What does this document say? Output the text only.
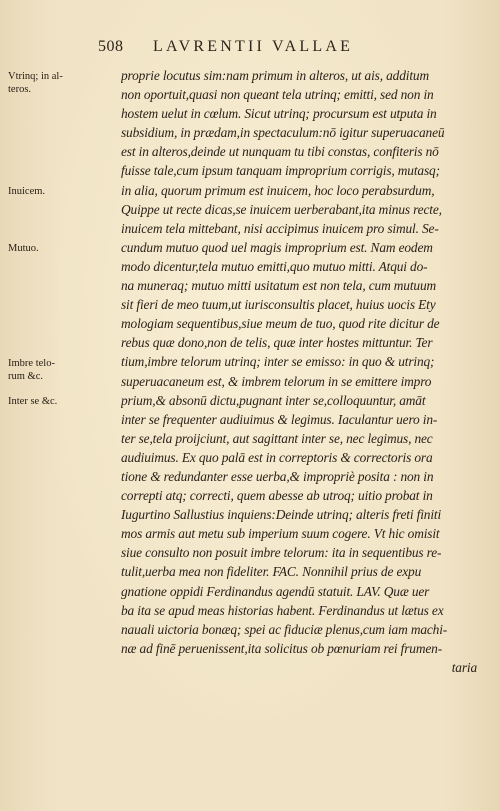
508 LAVRENTII VALLAE
Vtrinq; in al-
teros.
Inuicem.
Mutuo.
Imbre telo-
rum &c.
Inter se &c.
proprie locutus sim:nam primum in alteros, ut ais, additum
non oportuit,quasi non queant tela utrinq; emitti, sed non in
hostem uelut in cœlum. Sicut utrinq; procursum est utputa in
subsidium, in prædam,in spectaculum:nō igitur superuacaneū
est in alteros,deinde ut nunquam tu tibi constas, confiteris nō
fuisse tale,cum ipsum tanquam improprium corrigis, mutasq;
in alia, quorum primum est inuicem, hoc loco perabsurdum,
Quippe ut recte dicas,se inuicem uerberabant,ita minus recte,
inuicem tela mittebant, nisi accipimus inuicem pro simul. Se-
cundum mutuo quod uel magis improprium est. Nam eodem
modo dicentur,tela mutuo emitti,quo mutuo mitti. Atqui do-
na muneraq; mutuo mitti usitatum est non tela, cum mutuum
sit fieri de meo tuum,ut iurisconsultis placet, huius uocis Ety
mologiam sequentibus,siue meum de tuo, quod rite dicitur de
rebus quæ dono,non de telis, quæ inter hostes mittuntur. Ter
tium,imbre telorum utrinq; inter se emisso: in quo & utrinq;
superuacaneum est, & imbrem telorum in se emittere impro
prium,& absonū dictu,pugnant inter se,colloquuntur, amāt
inter se frequenter audiuimus & legimus. Iaculantur uero in-
ter se,tela proijciunt, aut sagittant inter se, nec legimus, nec
audiuimus. Ex quo palā est in correptoris & correctoris ora
tione & redundanter esse uerba,& impropriè posita : non in
correpti atq; correcti, quem abesse ab utroq; uitio probat in
Iugurtino Sallustius inquiens:Deinde utrinq; alteris freti finiti
mos armis aut metu sub imperium suum cogere. Vt hic omisit
siue consulto non posuit imbre telorum: ita in sequentibus re-
tulit,uerba mea non fideliter. FAC. Nonnihil prius de expu
gnatione oppidi Ferdinandus agendū statuit. LAV. Quæ uer
ba ita se apud meas historias habent. Ferdinandus ut lætus ex
nauali uictoria bonæq; spei ac fiduciæ plenus,cum iam machi-
næ ad finē peruenissent,ita solicitus ob pœnuriam rei frumen-
taria
